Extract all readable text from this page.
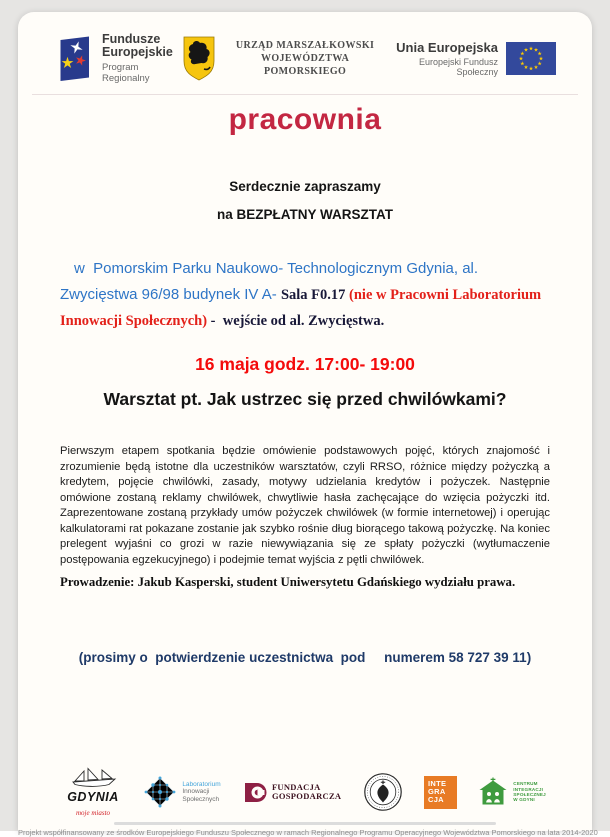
Fundusze
Europejskie
Program Regionalny
URZĄD MARSZAŁKOWSKI
WOJEWÓDZTWA POMORSKIEGO
Unia Europejska
Europejski Fundusz Społeczny
pracownia

Serdecznie zapraszamy

na BEZPŁATNY WARSZTAT

w  Pomorskim Parku Naukowo- Technologicznym Gdynia, al. Zwycięstwa 96/98 budynek IV A- Sala F0.17 (nie w Pracowni Laboratorium Innowacji Społecznych) -  wejście od al. Zwycięstwa.

16 maja godz. 17:00- 19:00

Warsztat pt. Jak ustrzec się przed chwilówkami?

Pierwszym etapem spotkania będzie omówienie podstawowych pojęć, których znajomość i zrozumienie będą istotne dla uczestników warsztatów, czyli RRSO, różnice między pożyczką a kredytem, pojęcie chwilówki, zasady, motywy udzielania kredytów i pożyczek. Następnie omówione zostaną reklamy chwilówek, chwytliwie hasła zachęcające do wzięcia pożyczki itd. Zaprezentowane zostaną przykłady umów pożyczek chwilówek (w formie internetowej) i operując kalkulatorami rat pokazane zostanie jak szybko rośnie dług biorącego takową pożyczkę. Na koniec prelegent wyjaśni co grozi w razie niewywiązania się ze spłaty pożyczki (wytłumaczenie postępowania egzekucyjnego) i podejmie temat wyjścia z pętli chwilówek.

Prowadzenie: Jakub Kasperski, student Uniwersytetu Gdańskiego wydziału prawa.

(prosimy o  potwierdzenie uczestnictwa  pod     numerem 58 727 39 11)

GDYNIA
moje miasto
Laboratorium
Innowacji
Społecznych
FUNDACJA
GOSPODARCZA
INTE
GRA
CJA
CENTRUM
INTEGRACJI
SPOŁECZNEJ
W GDYNI

Projekt współfinansowany ze środków Europejskiego Funduszu Społecznego w ramach Regionalnego Programu Operacyjnego Województwa Pomorskiego na lata 2014-2020
